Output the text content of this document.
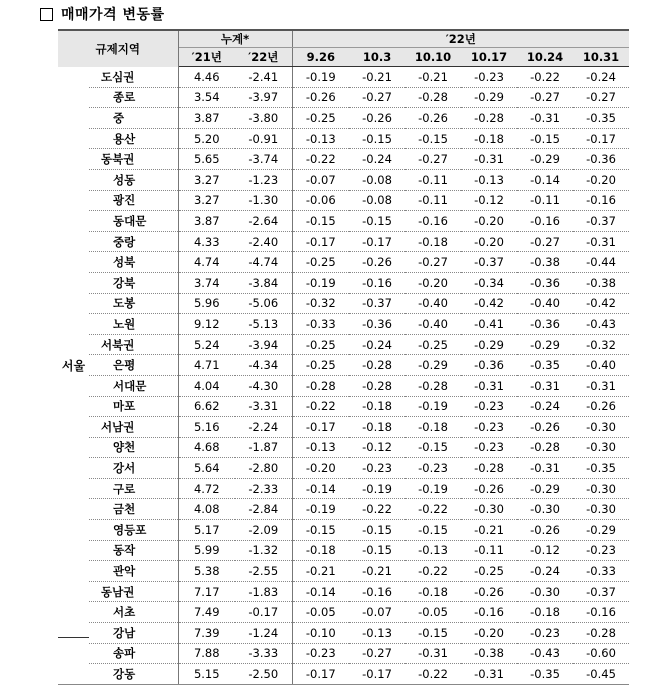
매매가격 변동률
규제지역		누계*		′22년					
		′21년	′22년	9.26	10.3	10.10	10.17	10.24	10.31
서울	도심권	4.46	-2.41	-0.19	-0.21	-0.21	-0.23	-0.22	-0.24
	종로	3.54	-3.97	-0.26	-0.27	-0.28	-0.29	-0.27	-0.27
	중	3.87	-3.80	-0.25	-0.26	-0.26	-0.28	-0.31	-0.35
	용산	5.20	-0.91	-0.13	-0.15	-0.15	-0.18	-0.15	-0.17
	동북권	5.65	-3.74	-0.22	-0.24	-0.27	-0.31	-0.29	-0.36
	성동	3.27	-1.23	-0.07	-0.08	-0.11	-0.13	-0.14	-0.20
	광진	3.27	-1.30	-0.06	-0.08	-0.11	-0.12	-0.11	-0.16
	동대문	3.87	-2.64	-0.15	-0.15	-0.16	-0.20	-0.16	-0.37
	중랑	4.33	-2.40	-0.17	-0.17	-0.18	-0.20	-0.27	-0.31
	성북	4.74	-4.74	-0.25	-0.26	-0.27	-0.37	-0.38	-0.44
	강북	3.74	-3.84	-0.19	-0.16	-0.20	-0.34	-0.36	-0.38
	도봉	5.96	-5.06	-0.32	-0.37	-0.40	-0.42	-0.40	-0.42
	노원	9.12	-5.13	-0.33	-0.36	-0.40	-0.41	-0.36	-0.43
	서북권	5.24	-3.94	-0.25	-0.24	-0.25	-0.29	-0.29	-0.32
	은평	4.71	-4.34	-0.25	-0.28	-0.29	-0.36	-0.35	-0.40
	서대문	4.04	-4.30	-0.28	-0.28	-0.28	-0.31	-0.31	-0.31
	마포	6.62	-3.31	-0.22	-0.18	-0.19	-0.23	-0.24	-0.26
	서남권	5.16	-2.24	-0.17	-0.18	-0.18	-0.23	-0.26	-0.30
	양천	4.68	-1.87	-0.13	-0.12	-0.15	-0.23	-0.28	-0.30
	강서	5.64	-2.80	-0.20	-0.23	-0.23	-0.28	-0.31	-0.35
	구로	4.72	-2.33	-0.14	-0.19	-0.19	-0.26	-0.29	-0.30
	금천	4.08	-2.84	-0.19	-0.22	-0.22	-0.30	-0.30	-0.30
	영등포	5.17	-2.09	-0.15	-0.15	-0.15	-0.21	-0.26	-0.29
	동작	5.99	-1.32	-0.18	-0.15	-0.13	-0.11	-0.12	-0.23
	관악	5.38	-2.55	-0.21	-0.21	-0.22	-0.25	-0.24	-0.33
	동남권	7.17	-1.83	-0.14	-0.16	-0.18	-0.26	-0.30	-0.37
	서초	7.49	-0.17	-0.05	-0.07	-0.05	-0.16	-0.18	-0.16
	강남	7.39	-1.24	-0.10	-0.13	-0.15	-0.20	-0.23	-0.28
	송파	7.88	-3.33	-0.23	-0.27	-0.31	-0.38	-0.43	-0.60
	강동	5.15	-2.50	-0.17	-0.17	-0.22	-0.31	-0.35	-0.45
